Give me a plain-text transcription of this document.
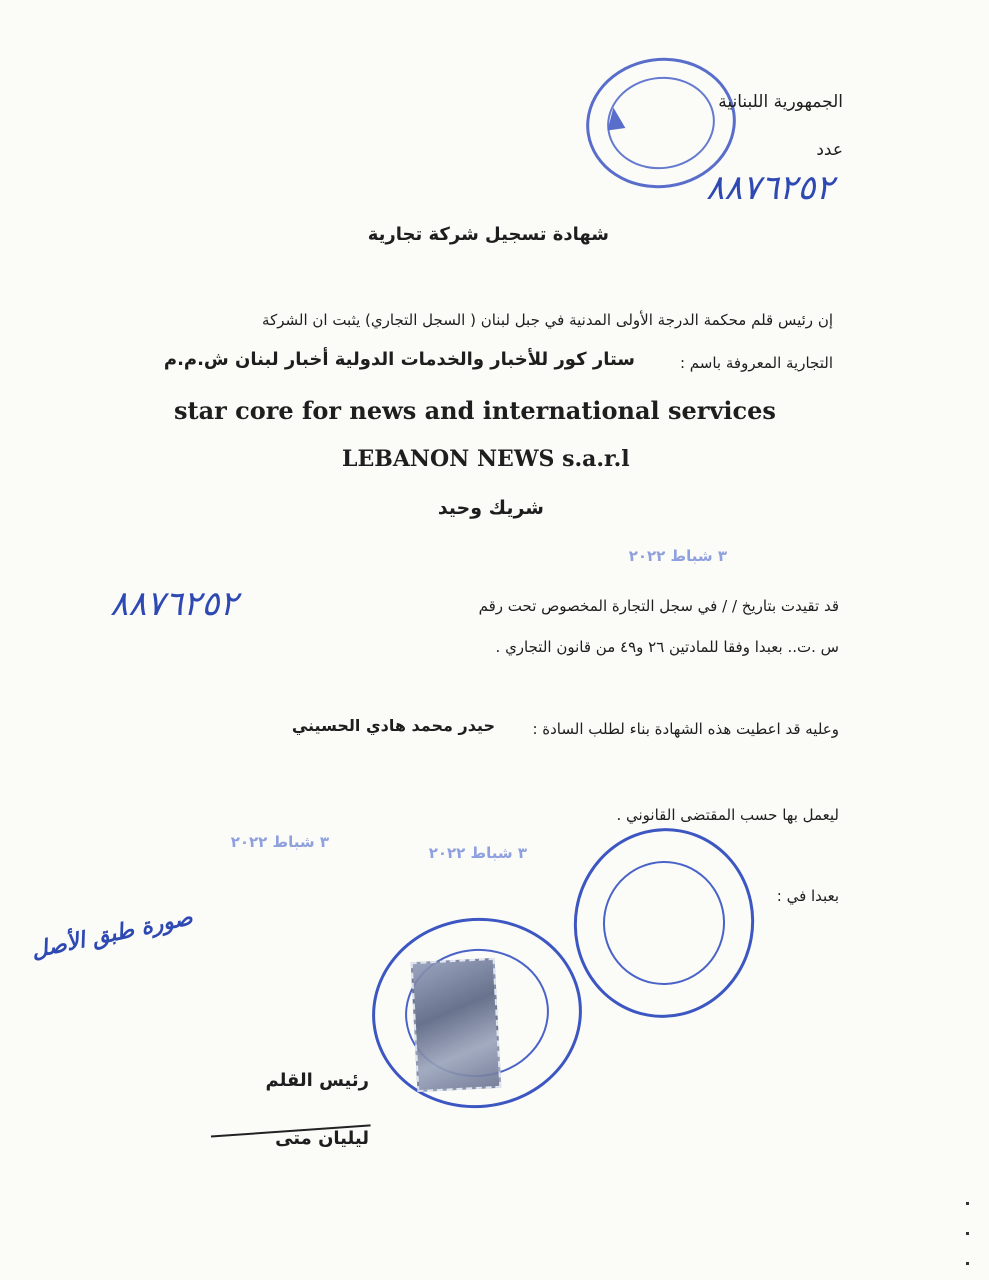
الجمهورية اللبنانية
عدد
٨٨٧٦٢٥٢
شهادة تسجيل شركة تجارية
إن رئيس قلم محكمة الدرجة الأولى المدنية في جبل لبنان ( السجل التجاري) يثبت ان الشركة
التجارية المعروفة باسم :
ستار كور للأخبار والخدمات الدولية أخبار لبنان ش.م.م
star core for news and international services
LEBANON NEWS s.a.r.l
شريك وحيد
٣ شباط ٢٠٢٢
قد تقيدت بتاريخ / / في سجل التجارة المخصوص تحت رقم
٨٨٧٦٢٥٢
س .ت.. بعبدا وفقا للمادتين ٢٦ و٤٩ من قانون التجاري .
وعليه قد اعطيت هذه الشهادة بناء لطلب السادة :
حيدر محمد هادي الحسيني
ليعمل بها حسب المقتضى القانوني .
٣ شباط ٢٠٢٢
٣ شباط ٢٠٢٢
بعبدا في :
صورة طبق الأصل
رئيس القلم
ليليان متى
